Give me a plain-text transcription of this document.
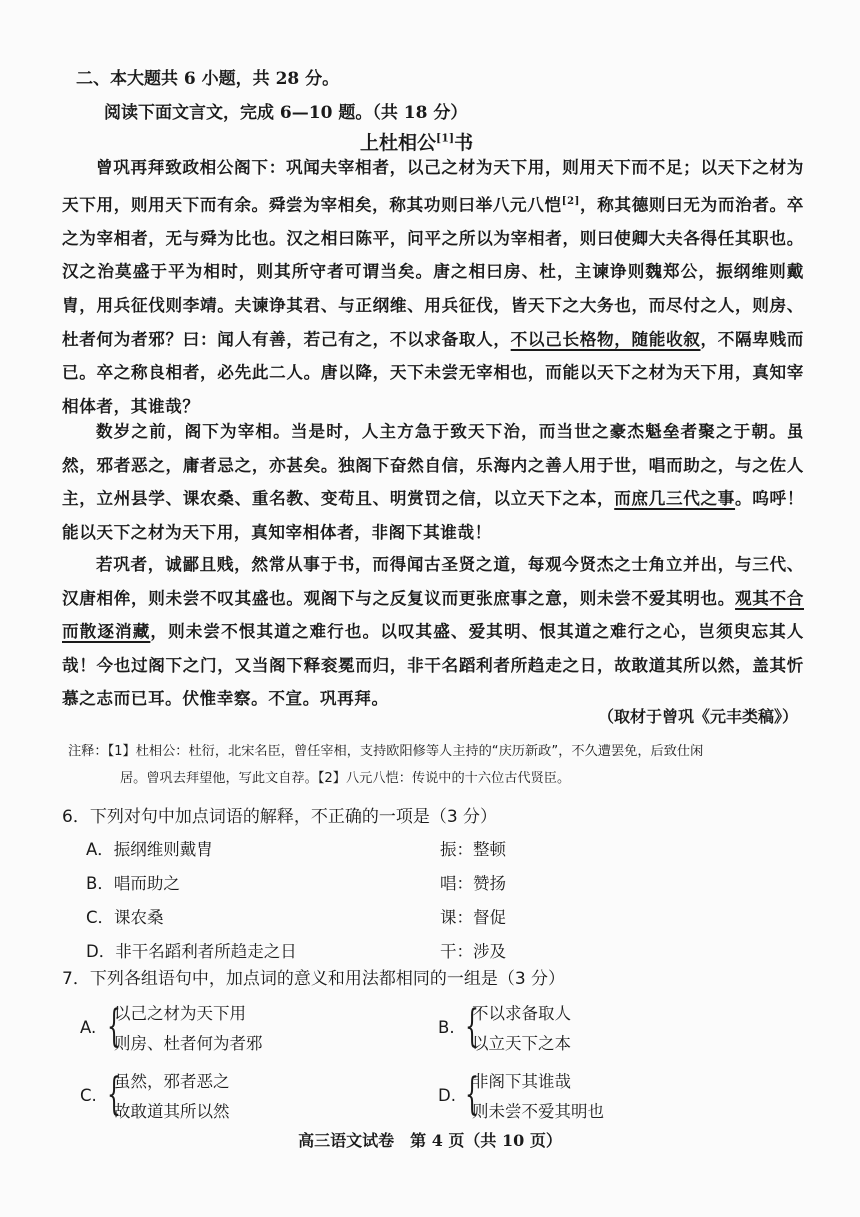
二、本大题共 6 小题，共 28 分。
阅读下面文言文，完成 6—10 题。（共 18 分）
上杜相公[1]书
曾巩再拜致政相公阁下：巩闻夫宰相者，以己之材为天下用，则用天下而不足；以天下之材为天下用，则用天下而有余。舜尝为宰相矣，称其功则曰举八元八恺[2]，称其德则曰无为而治者。卒之为宰相者，无与舜为比也。汉之相曰陈平，问平之所以为宰相者，则曰使卿大夫各得任其职也。汉之治莫盛于平为相时，则其所守者可谓当矣。唐之相曰房、杜，主谏诤则魏郑公，振纲维则戴胄，用兵征伐则李靖。夫谏诤其君、与正纲维、用兵征伐，皆天下之大务也，而尽付之人，则房、杜者何为者邪？曰：闻人有善，若己有之，不以求备取人，不以己长格物，随能收叙，不隔卑贱而已。卒之称良相者，必先此二人。唐以降，天下未尝无宰相也，而能以天下之材为天下用，真知宰相体者，其谁哉？
数岁之前，阁下为宰相。当是时，人主方急于致天下治，而当世之豪杰魁垒者聚之于朝。虽然，邪者恶之，庸者忌之，亦甚矣。独阁下奋然自信，乐海内之善人用于世，唱而助之，与之佐人主，立州县学、课农桑、重名教、变苟且、明赏罚之信，以立天下之本，而庶几三代之事。呜呼！能以天下之材为天下用，真知宰相体者，非阁下其谁哉！
若巩者，诚鄙且贱，然常从事于书，而得闻古圣贤之道，每观今贤杰之士角立并出，与三代、汉唐相侔，则未尝不叹其盛也。观阁下与之反复议而更张庶事之意，则未尝不爱其明也。观其不合而散逐消藏，则未尝不恨其道之难行也。以叹其盛、爱其明、恨其道之难行之心，岂须臾忘其人哉！今也过阁下之门，又当阁下释衮冕而归，非干名蹈利者所趋走之日，故敢道其所以然，盖其忻慕之志而已耳。伏惟幸察。不宣。巩再拜。
（取材于曾巩《元丰类稿》）
注释：【1】杜相公：杜衍，北宋名臣，曾任宰相，支持欧阳修等人主持的“庆历新政”，不久遭罢免，后致仕闲
居。曾巩去拜望他，写此文自荐。【2】八元八恺：传说中的十六位古代贤臣。
6．下列对句中加点词语的解释，不正确的一项是（3 分）
A．振纲维则戴胄	振：整顿
B．唱而助之	唱：赞扬
C．课农桑	课：督促
D．非干名蹈利者所趋走之日	干：涉及
7．下列各组语句中，加点词的意义和用法都相同的一组是（3 分）
A. {
以己之材为天下用
则房、杜者何为者邪
B. {
不以求备取人
以立天下之本
C. {
虽然，邪者恶之
故敢道其所以然
D. {
非阁下其谁哉
则未尝不爱其明也
高三语文试卷　第 4 页（共 10 页）
